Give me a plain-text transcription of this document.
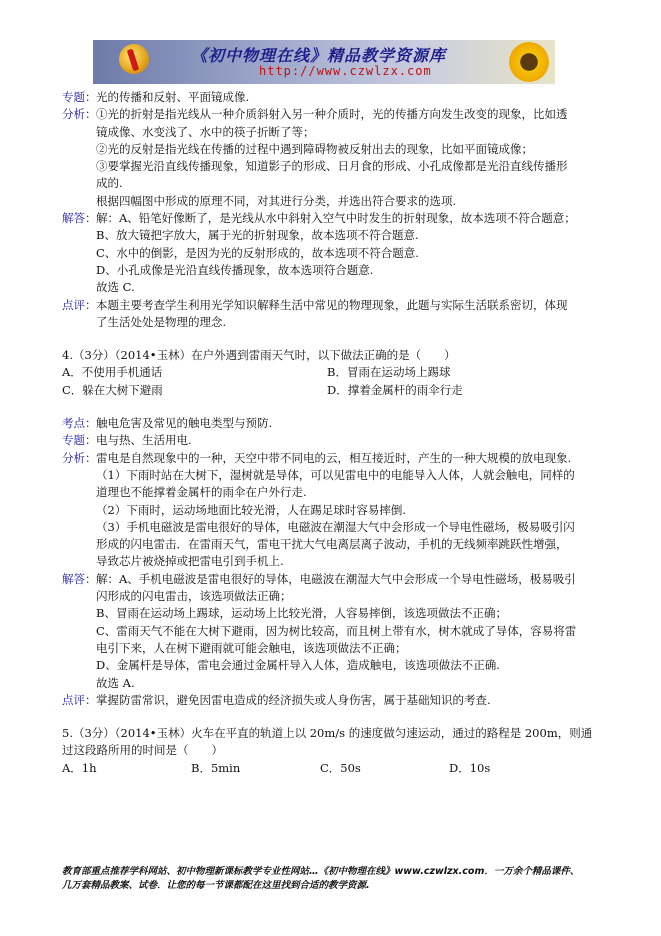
《初中物理在线》精品教学资源库
http://www.czwlzx.com
专题： 光的传播和反射、平面镜成像.
分析： ①光的折射是指光线从一种介质斜射入另一种介质时，光的传播方向发生改变的现象，比如透
镜成像、水变浅了、水中的筷子折断了等；
②光的反射是指光线在传播的过程中遇到障碍物被反射出去的现象，比如平面镜成像；
③要掌握光沿直线传播现象，知道影子的形成、日月食的形成、小孔成像都是光沿直线传播形
成的.
根据四幅图中形成的原理不同，对其进行分类，并选出符合要求的选项.
解答： 解：A、铅笔好像断了，是光线从水中斜射入空气中时发生的折射现象，故本选项不符合题意；
B、放大镜把字放大，属于光的折射现象，故本选项不符合题意.
C、水中的倒影，是因为光的反射形成的，故本选项不符合题意.
D、小孔成像是光沿直线传播现象，故本选项符合题意.
故选 C.
点评： 本题主要考查学生利用光学知识解释生活中常见的物理现象，此题与实际生活联系密切，体现
了生活处处是物理的理念.
4.（3分）（2014•玉林）在户外遇到雷雨天气时，以下做法正确的是（　　）
A．不使用手机通话	B．冒雨在运动场上踢球
C．躲在大树下避雨	D．撑着金属杆的雨伞行走
考点： 触电危害及常见的触电类型与预防.
专题： 电与热、生活用电.
分析： 雷电是自然现象中的一种，天空中带不同电的云，相互接近时，产生的一种大规模的放电现象.
（1）下雨时站在大树下，湿树就是导体，可以见雷电中的电能导入人体，人就会触电，同样的
道理也不能撑着金属杆的雨伞在户外行走.
（2）下雨时，运动场地面比较光滑，人在踢足球时容易摔倒.
（3）手机电磁波是雷电很好的导体，电磁波在潮湿大气中会形成一个导电性磁场，极易吸引闪
形成的闪电雷击．在雷雨天气，雷电干扰大气电离层离子波动，手机的无线频率跳跃性增强，
导致芯片被烧掉或把雷电引到手机上.
解答： 解：A、手机电磁波是雷电很好的导体，电磁波在潮湿大气中会形成一个导电性磁场，极易吸引
闪形成的闪电雷击，该选项做法正确；
B、冒雨在运动场上踢球，运动场上比较光滑，人容易摔倒，该选项做法不正确；
C、雷雨天气不能在大树下避雨，因为树比较高，而且树上带有水，树木就成了导体，容易将雷
电引下来，人在树下避雨就可能会触电，该选项做法不正确；
D、金属杆是导体，雷电会通过金属杆导入人体，造成触电，该选项做法不正确.
故选 A.
点评： 掌握防雷常识，避免因雷电造成的经济损失或人身伤害，属于基础知识的考查.
5.（3分）（2014•玉林）火车在平直的轨道上以 20m/s 的速度做匀速运动，通过的路程是 200m，则通
过这段路所用的时间是（　　）
A．1h	B．5min	C．50s	D．10s
教育部重点推荐学科网站、初中物理新课标教学专业性网站…《初中物理在线》www.czwlzx.com．一万余个精品课件、
几万套精品教案、试卷．让您的每一节课都配在这里找到合适的教学资源.
